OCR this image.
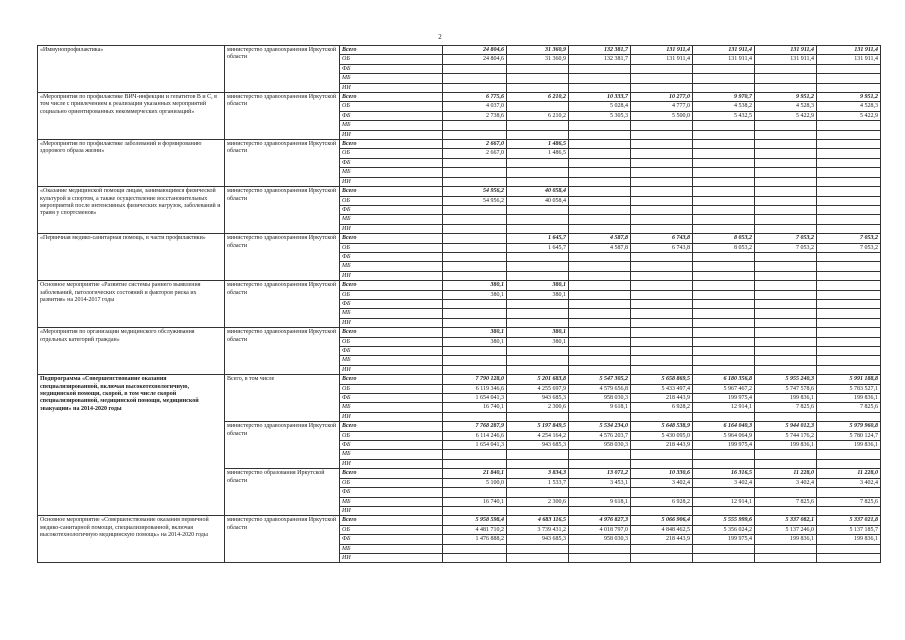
2
«Иммунопрофилактика»	министерство здравоохранения Иркутской области	Всего	24 804,6	31 360,9	132 381,7	131 911,4	131 911,4	131 911,4	131 911,4
		ОБ	24 804,6	31 360,9	132 381,7	131 911,4	131 911,4	131 911,4	131 911,4
		ФБ							
		МБ							
		ИИ							
«Мероприятия по профилактике ВИЧ-инфекции и гепатитов В и С, в том числе с привлечением к реализации указанных мероприятий социально ориентированных некоммерческих организаций»	министерство здравоохранения Иркутской области	Всего	6 775,6	6 210,2	10 333,7	10 277,0	9 970,7	9 951,2	9 951,2
		ОБ	4 037,0		5 028,4	4 777,0	4 538,2	4 528,3	4 528,3
		ФБ	2 738,6	6 210,2	5 305,3	5 500,0	5 432,5	5 422,9	5 422,9
		МБ							
		ИИ							
«Мероприятия по профилактике заболеваний и формированию здорового образа жизни»	министерство здравоохранения Иркутской области	Всего	2 667,0	1 486,5					
		ОБ	2 667,0	1 486,5					
		ФБ							
		МБ							
		ИИ							
«Оказание медицинской помощи лицам, занимающимся физической культурой и спортом, а также осуществление восстановительных мероприятий после интенсивных физических нагрузок, заболеваний и травм у спортсменов»	министерство здравоохранения Иркутской области	Всего	54 956,2	40 058,4					
		ОБ	54 956,2	40 058,4					
		ФБ							
		МБ							
		ИИ							
«Первичная медико-санитарная помощь, в части профилактики»	министерство здравоохранения Иркутской области	Всего		1 645,7	4 587,8	6 743,8	8 053,2	7 053,2	7 053,2
		ОБ		1 645,7	4 587,8	6 743,8	8 053,2	7 053,2	7 053,2
		ФБ							
		МБ							
		ИИ							
Основное мероприятие «Развитие системы раннего выявления заболеваний, патологических состояний и факторов риска их развития» на 2014-2017 годы	министерство здравоохранения Иркутской области	Всего	380,1	380,1					
		ОБ	380,1	380,1					
		ФБ							
		МБ							
		ИИ							
«Мероприятия по организации медицинского обслуживания отдельных категорий граждан»	министерство здравоохранения Иркутской области	Всего	380,1	380,1					
		ОБ	380,1	380,1					
		ФБ							
		МБ							
		ИИ							
Подпрограмма «Совершенствование оказания специализированной, включая высокотехнологичную, медицинской помощи, скорой, в том числе скорой специализированной, медицинской помощи, медицинской эвакуации» на 2014-2020 годы	Всего, в том числе	Всего	7 790 128,0	5 201 683,8	5 547 305,2	5 658 869,5	6 180 356,8	5 955 240,3	5 991 188,8
		ОБ	6 119 346,6	4 255 697,9	4 579 656,8	5 433 497,4	5 967 467,2	5 747 578,6	5 783 527,1
		ФБ	1 654 041,3	943 685,3	958 030,3	218 443,9	199 975,4	199 836,1	199 836,1
		МБ	16 740,1	2 300,6	9 618,1	6 928,2	12 914,1	7 825,6	7 825,6
		ИИ							
	министерство здравоохранения Иркутской области	Всего	7 768 287,9	5 197 849,5	5 534 234,0	5 648 538,9	6 164 040,3	5 944 012,3	5 979 960,8
		ОБ	6 114 246,6	4 254 164,2	4 576 203,7	5 430 095,0	5 964 064,9	5 744 176,2	5 780 124,7
		ФБ	1 654 041,3	943 685,3	958 030,3	218 443,9	199 975,4	199 836,1	199 836,1
		МБ							
		ИИ							
	министерство образования Иркутской области	Всего	21 840,1	3 834,3	13 071,2	10 330,6	16 316,5	11 228,0	11 228,0
		ОБ	5 100,0	1 533,7	3 453,1	3 402,4	3 402,4	3 402,4	3 402,4
		ФБ							
		МБ	16 740,1	2 300,6	9 618,1	6 928,2	12 914,1	7 825,6	7 825,6
		ИИ							
Основное мероприятие «Совершенствование оказания первичной медико-санитарной помощи, специализированной, включая высокотехнологичную медицинскую помощь» на 2014-2020 годы	министерство здравоохранения Иркутской области	Всего	5 958 598,4	4 683 116,5	4 976 827,3	5 066 906,4	5 555 999,6	5 337 082,1	5 337 021,8
		ОБ	4 481 710,2	3 739 431,2	4 018 797,0	4 848 462,5	5 356 024,2	5 137 246,0	5 137 185,7
		ФБ	1 476 888,2	943 685,3	958 030,3	218 443,9	199 975,4	199 836,1	199 836,1
		МБ							
		ИИ							
